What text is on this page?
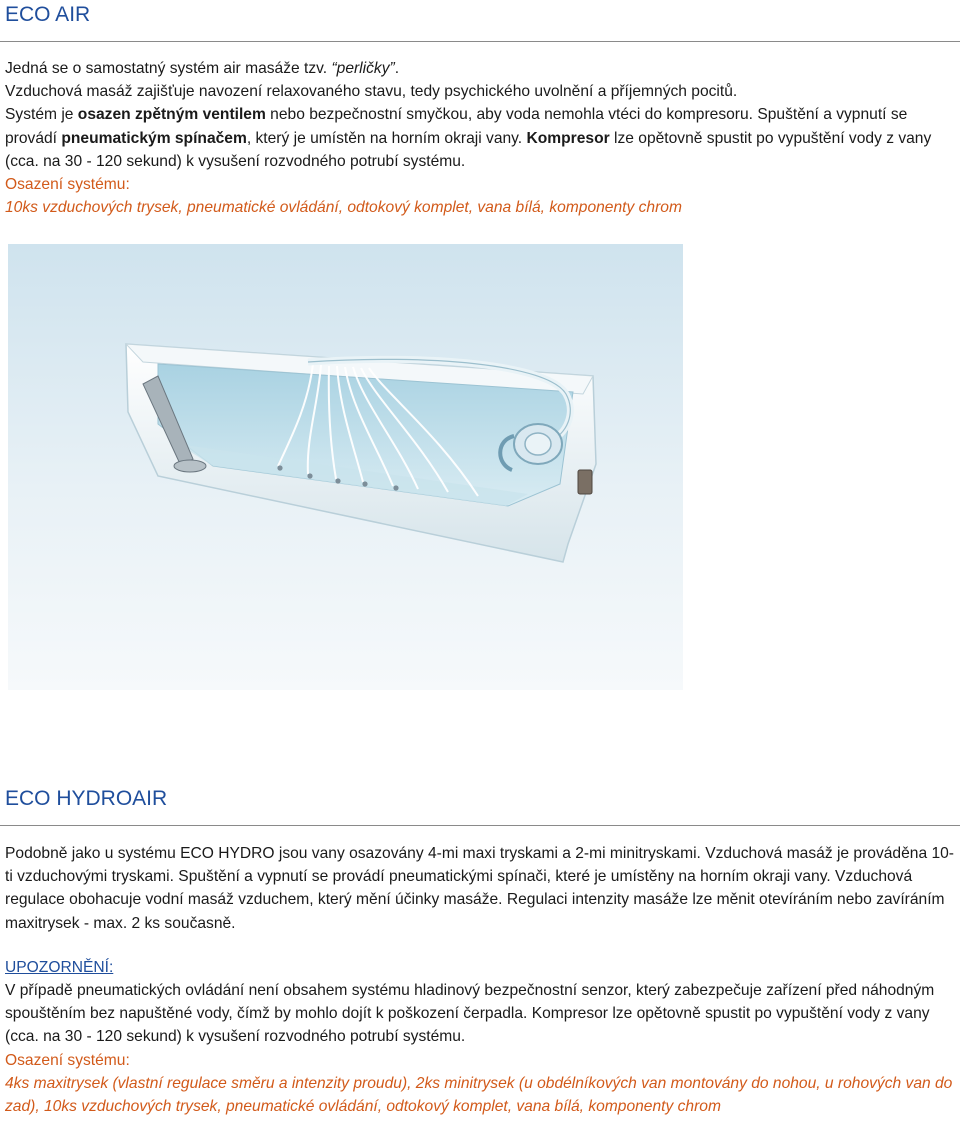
ECO AIR

Jedná se o samostatný systém air masáže tzv. “perličky”.

Vzduchová masáž zajišťuje navození relaxovaného stavu, tedy psychického uvolnění a příjemných pocitů.
Systém je osazen zpětným ventilem nebo bezpečnostní smyčkou, aby voda nemohla vtéci do kompresoru. Spuštění a vypnutí se provádí pneumatickým spínačem, který je umístěn na horním okraji vany. Kompresor lze opětovně spustit po vypuštění vody z vany (cca. na 30 - 120 sekund) k vysušení rozvodného potrubí systému.

Osazení systému:

10ks vzduchových trysek, pneumatické ovládání, odtokový komplet, vana bílá, komponenty chrom

ECO HYDROAIR

Podobně jako u systému ECO HYDRO jsou vany osazovány 4-mi maxi tryskami a 2-mi minitryskami. Vzduchová masáž je prováděna 10-ti vzduchovými tryskami. Spuštění a vypnutí se provádí pneumatickými spínači, které je umístěny na horním okraji vany. Vzduchová regulace obohacuje vodní masáž vzduchem, který mění účinky masáže. Regulaci intenzity masáže lze měnit otevíráním nebo zavíráním maxitrysek - max. 2 ks současně.

UPOZORNĚNÍ:

V případě pneumatických ovládání není obsahem systému hladinový bezpečnostní senzor, který zabezpečuje zařízení před náhodným spouštěním bez napuštěné vody, čímž by mohlo dojít k poškození čerpadla. Kompresor lze opětovně spustit po vypuštění vody z vany (cca. na 30 - 120 sekund) k vysušení rozvodného potrubí systému.

Osazení systému:

4ks maxitrysek (vlastní regulace směru a intenzity proudu), 2ks minitrysek (u obdélníkových van montovány do nohou, u rohových van do zad), 10ks vzduchových trysek, pneumatické ovládání, odtokový komplet, vana bílá, komponenty chrom
